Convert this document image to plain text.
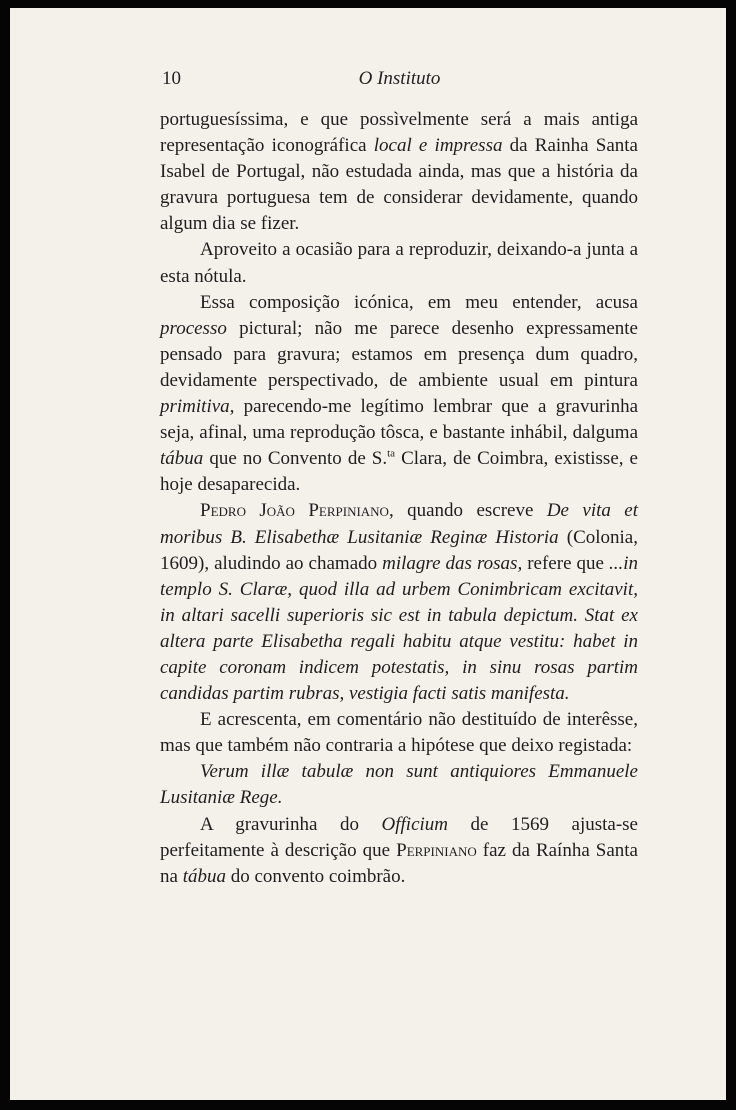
10	O Instituto

portuguesíssima, e que possìvelmente será a mais antiga representação iconográfica local e impressa da Rainha Santa Isabel de Portugal, não estudada ainda, mas que a história da gravura portuguesa tem de considerar devidamente, quando algum dia se fizer.

Aproveito a ocasião para a reproduzir, deixando-a junta a esta nótula.

Essa composição icónica, em meu entender, acusa processo pictural; não me parece desenho expressamente pensado para gravura; estamos em presença dum quadro, devidamente perspectivado, de ambiente usual em pintura primitiva, parecendo-me legítimo lembrar que a gravurinha seja, afinal, uma reprodução tôsca, e bastante inhábil, dalguma tábua que no Convento de S.$^{ta}$ Clara, de Coimbra, existisse, e hoje desaparecida.

Pedro João Perpiniano, quando escreve De vita et moribus B. Elisabethæ Lusitaniæ Reginæ Historia (Colonia, 1609), aludindo ao chamado milagre das rosas, refere que ...in templo S. Claræ, quod illa ad urbem Conimbricam excitavit, in altari sacelli superioris sic est in tabula depictum. Stat ex altera parte Elisabetha regali habitu atque vestitu: habet in capite coronam indicem potestatis, in sinu rosas partim candidas partim rubras, vestigia facti satis manifesta.

E acrescenta, em comentário não destituído de interêsse, mas que também não contraria a hipótese que deixo registada:

Verum illæ tabulæ non sunt antiquiores Emmanuele Lusitaniæ Rege.

A gravurinha do Officium de 1569 ajusta-se perfeitamente à descrição que Perpiniano faz da Raínha Santa na tábua do convento coimbrão.
